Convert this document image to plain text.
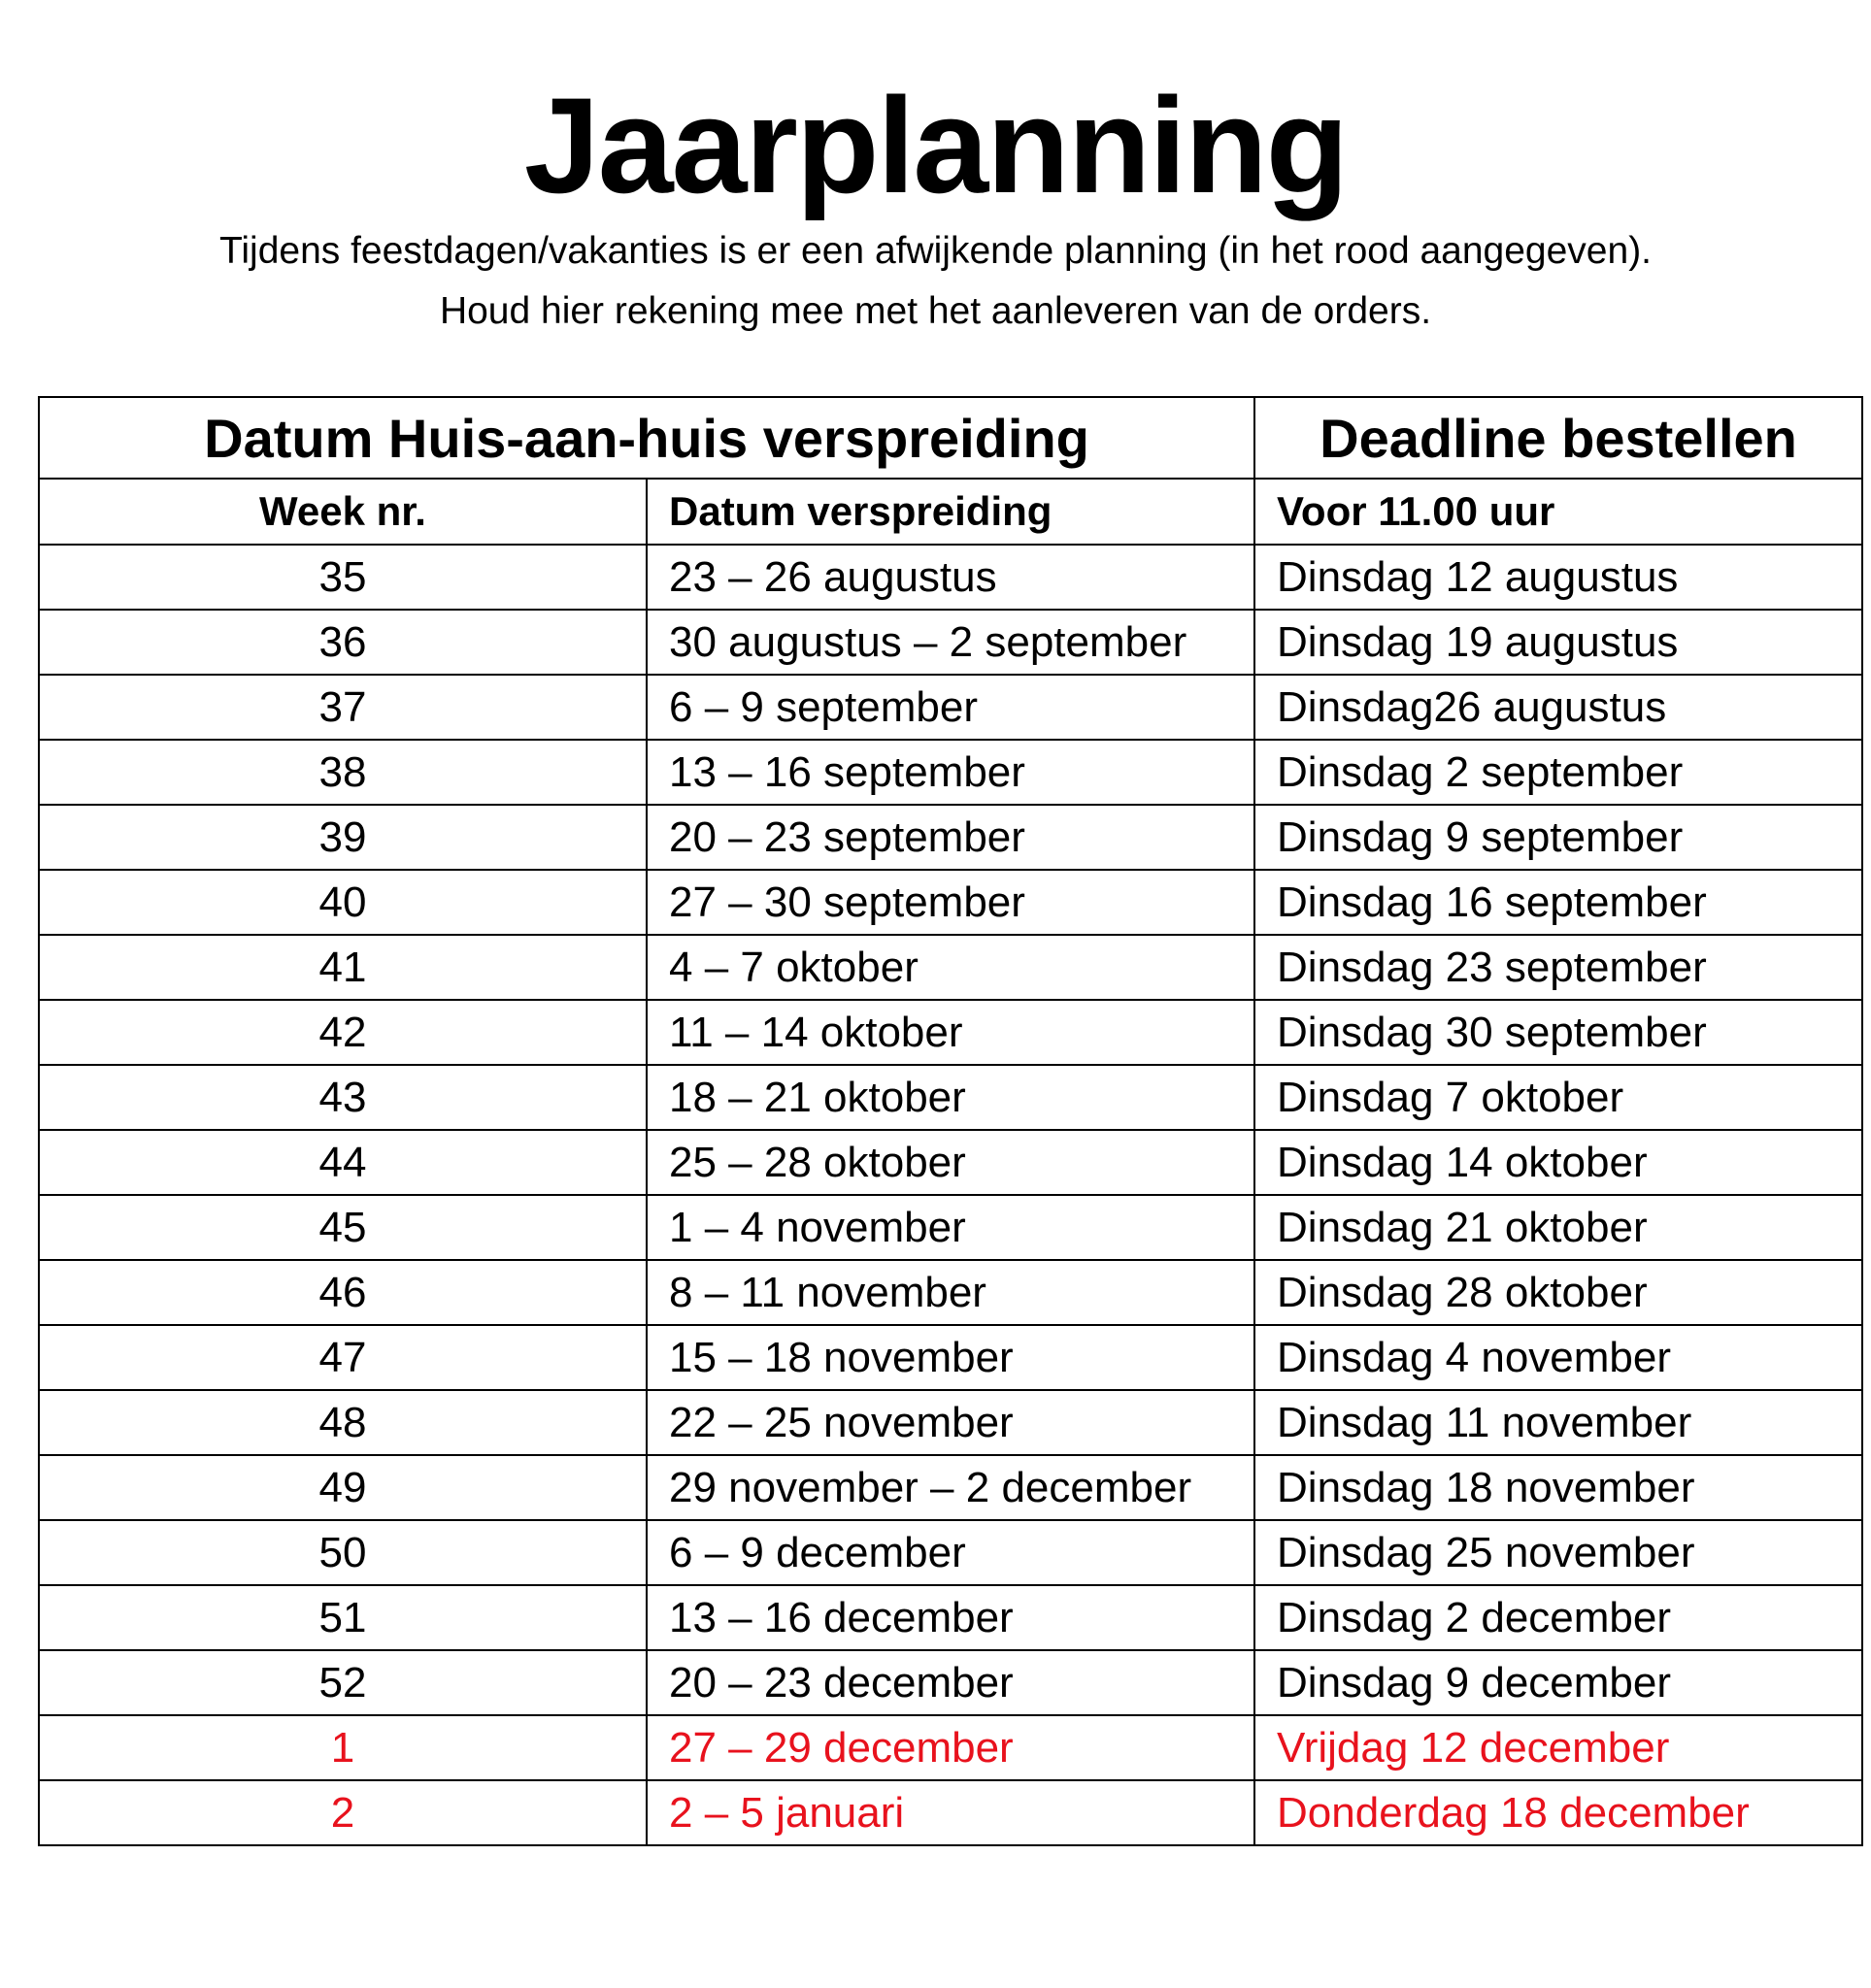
Jaarplanning
Tijdens feestdagen/vakanties is er een afwijkende planning (in het rood aangegeven).
Houd hier rekening mee met het aanleveren van de orders.
Datum Huis-aan-huis verspreiding		Deadline bestellen
Week nr.	Datum verspreiding	Voor 11.00 uur
35	23 – 26 augustus	Dinsdag 12 augustus
36	30 augustus – 2 september	Dinsdag 19 augustus
37	6 – 9 september	Dinsdag26 augustus
38	13 – 16 september	Dinsdag 2 september
39	20 – 23 september	Dinsdag 9 september
40	27 – 30 september	Dinsdag 16 september
41	4 – 7 oktober	Dinsdag 23 september
42	11 – 14 oktober	Dinsdag 30 september
43	18 – 21 oktober	Dinsdag 7 oktober
44	25 – 28 oktober	Dinsdag 14 oktober
45	1 – 4 november	Dinsdag 21 oktober
46	8 – 11 november	Dinsdag 28 oktober
47	15 – 18 november	Dinsdag 4 november
48	22 – 25 november	Dinsdag 11 november
49	29 november – 2 december	Dinsdag 18 november
50	6 – 9 december	Dinsdag 25 november
51	13 – 16 december	Dinsdag 2 december
52	20 – 23 december	Dinsdag 9 december
1	27 – 29 december	Vrijdag 12 december
2	2 – 5 januari	Donderdag 18 december
